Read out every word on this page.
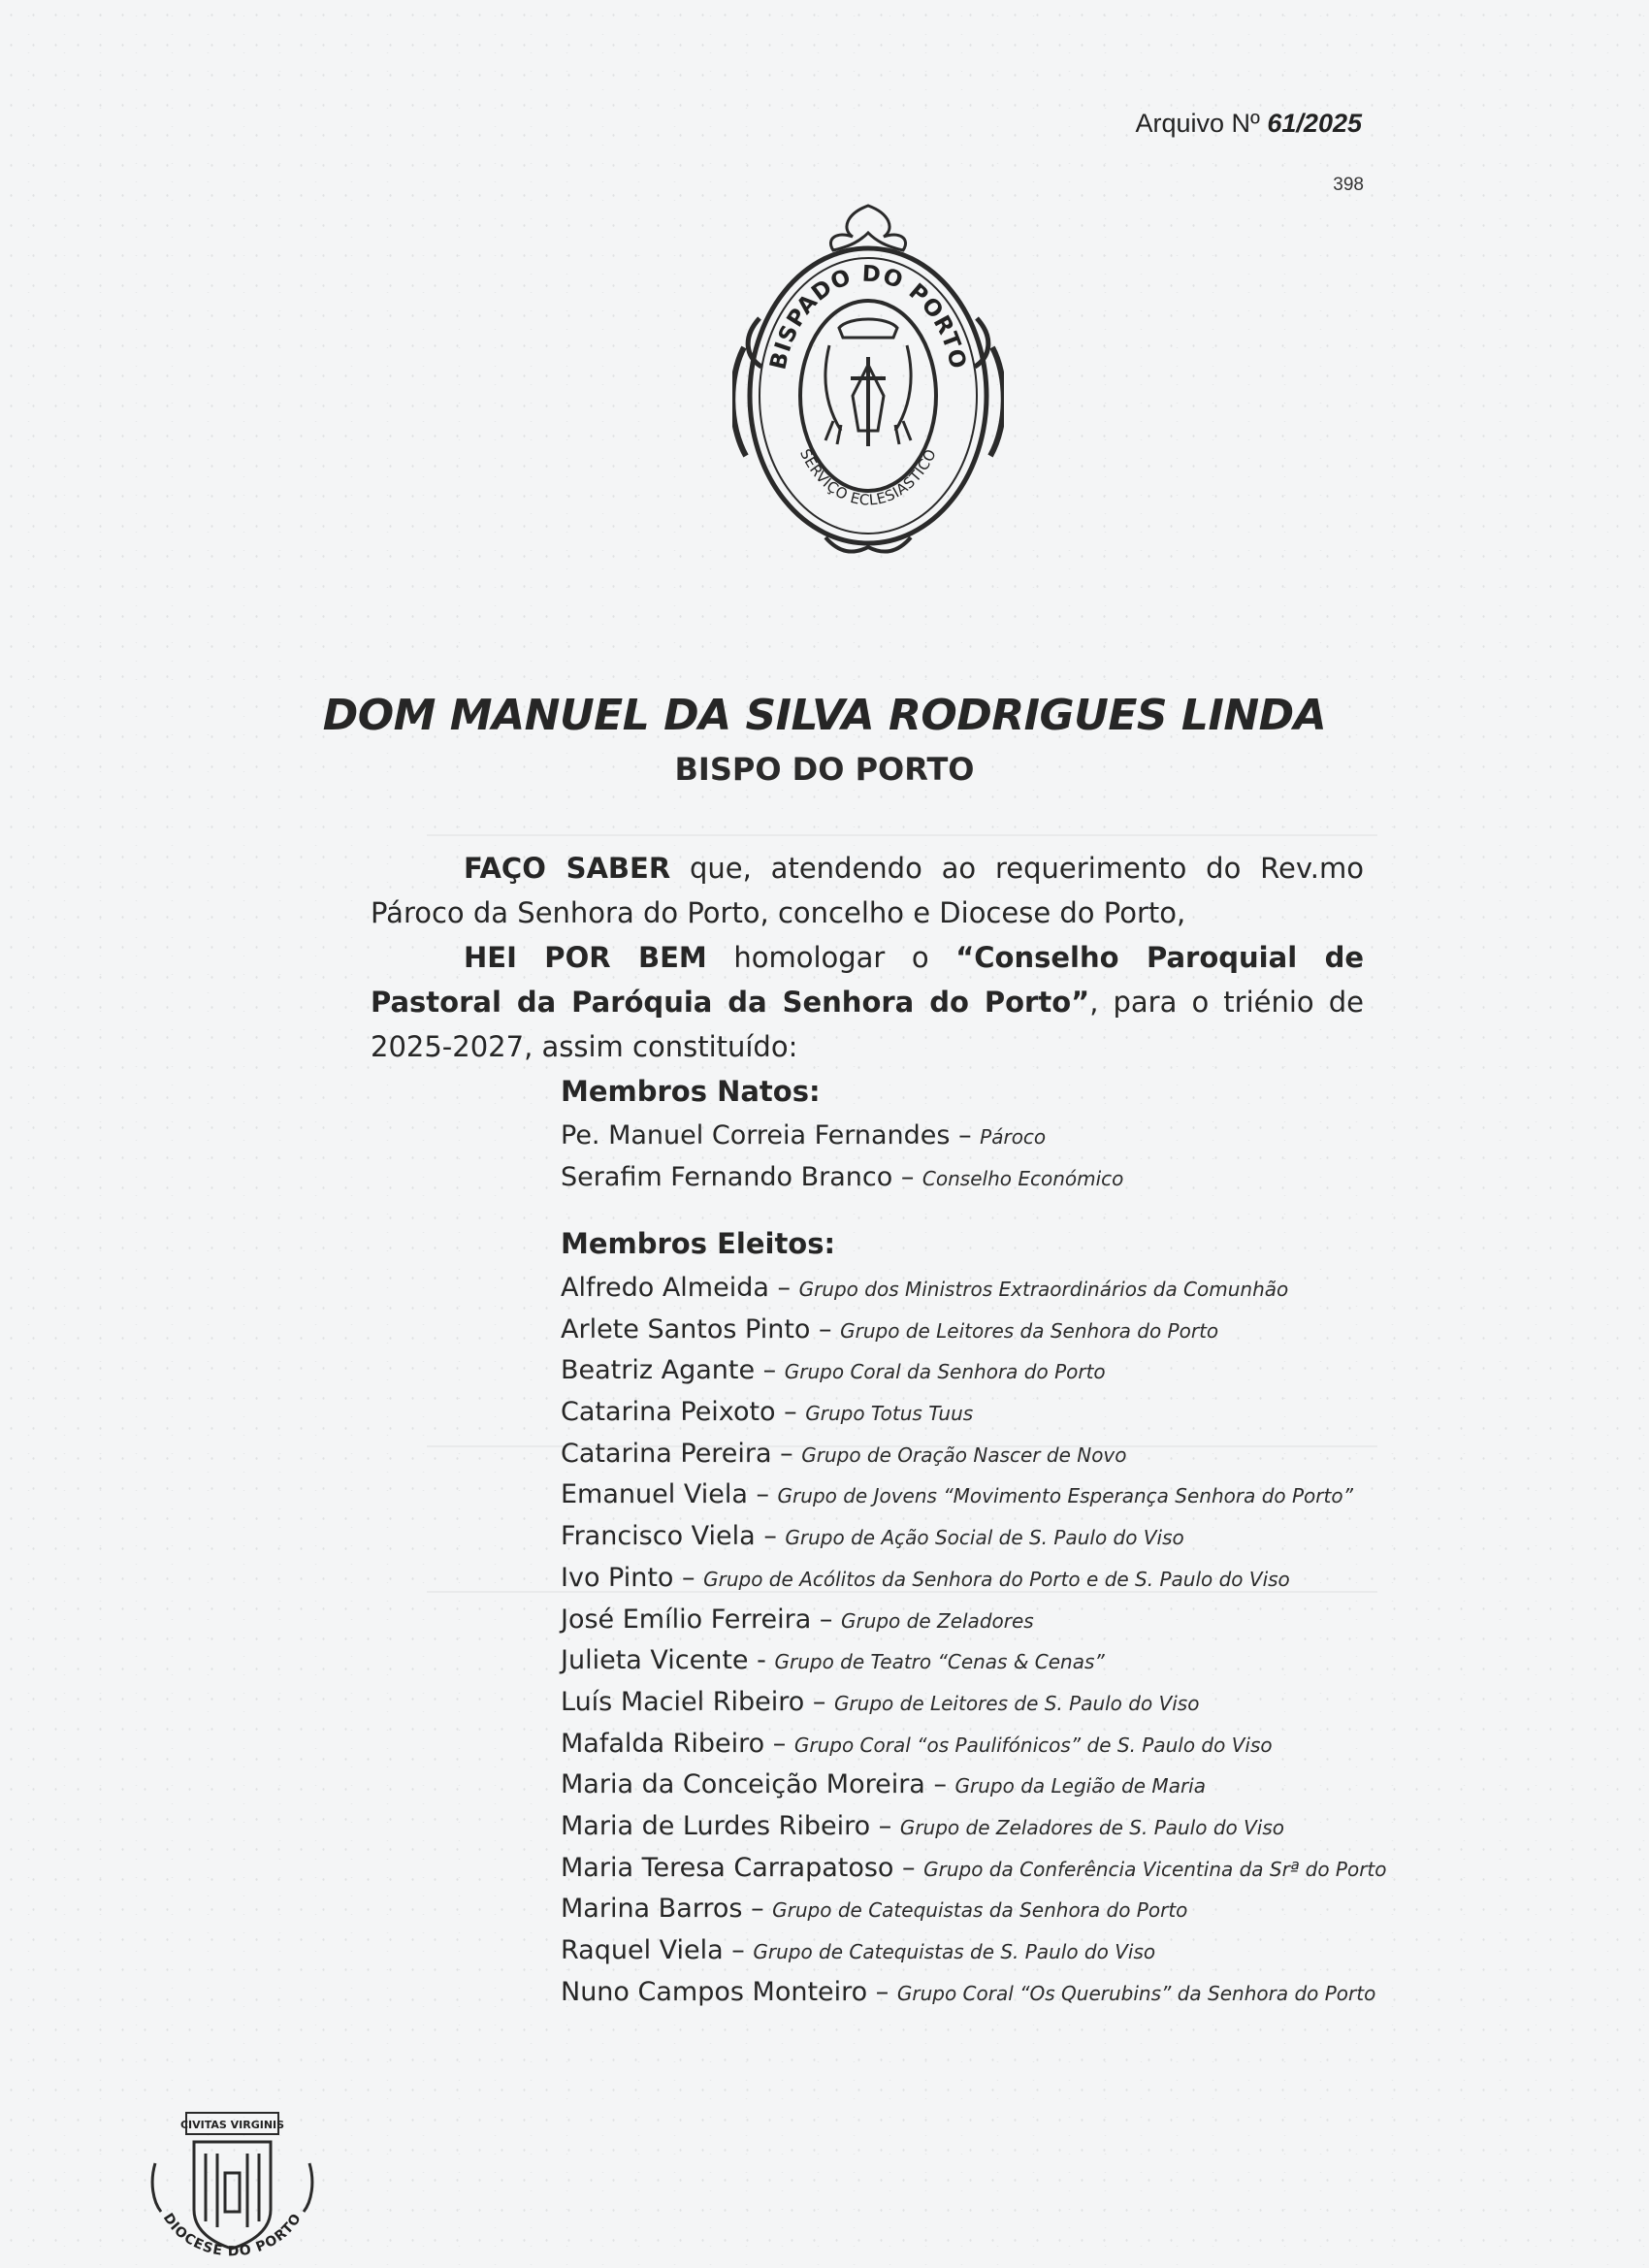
Arquivo Nº 61/2025
398
BISPADO DO PORTO
SERVIÇO ECLESIÁSTICO
DOM MANUEL DA SILVA RODRIGUES LINDA
BISPO DO PORTO

FAÇO SABER que, atendendo ao requerimento do Rev.mo Pároco da Senhora do Porto, concelho e Diocese do Porto,

HEI POR BEM homologar o “Conselho Paroquial de Pastoral da Paróquia da Senhora do Porto”, para o triénio de 2025-2027, assim constituído:

Membros Natos:
Pe. Manuel Correia Fernandes – Pároco
Serafim Fernando Branco – Conselho Económico
Membros Eleitos:
Alfredo Almeida – Grupo dos Ministros Extraordinários da Comunhão
Arlete Santos Pinto – Grupo de Leitores da Senhora do Porto
Beatriz Agante – Grupo Coral da Senhora do Porto
Catarina Peixoto – Grupo Totus Tuus
Catarina Pereira – Grupo de Oração Nascer de Novo
Emanuel Viela – Grupo de Jovens “Movimento Esperança Senhora do Porto”
Francisco Viela – Grupo de Ação Social de S. Paulo do Viso
Ivo Pinto – Grupo de Acólitos da Senhora do Porto e de S. Paulo do Viso
José Emílio Ferreira – Grupo de Zeladores
Julieta Vicente - Grupo de Teatro “Cenas & Cenas”
Luís Maciel Ribeiro – Grupo de Leitores de S. Paulo do Viso
Mafalda Ribeiro – Grupo Coral “os Paulifónicos” de S. Paulo do Viso
Maria da Conceição Moreira – Grupo da Legião de Maria
Maria de Lurdes Ribeiro – Grupo de Zeladores de S. Paulo do Viso
Maria Teresa Carrapatoso – Grupo da Conferência Vicentina da Srª do Porto
Marina Barros – Grupo de Catequistas da Senhora do Porto
Raquel Viela – Grupo de Catequistas de S. Paulo do Viso
Nuno Campos Monteiro – Grupo Coral “Os Querubins” da Senhora do Porto
CIVITAS VIRGINIS
DIOCESE DO PORTO
